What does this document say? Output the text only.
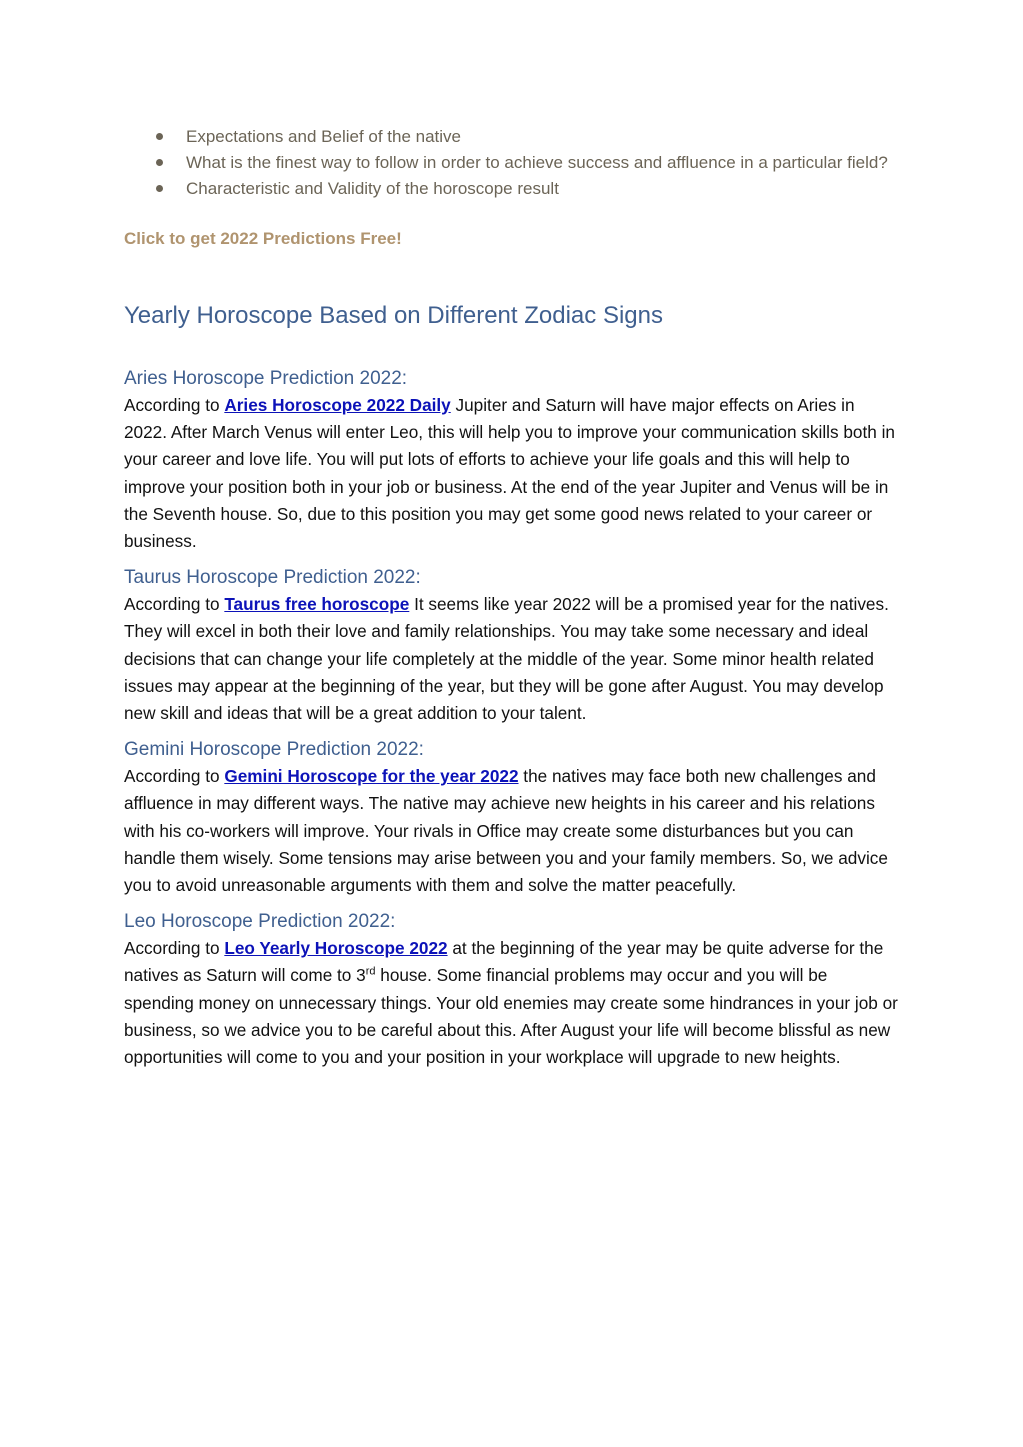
Expectations and Belief of the native
What is the finest way to follow in order to achieve success and affluence in a particular field?
Characteristic and Validity of the horoscope result
Click to get 2022 Predictions Free!
Yearly Horoscope Based on Different Zodiac Signs
Aries Horoscope Prediction 2022:

According to Aries Horoscope 2022 Daily Jupiter and Saturn will have major effects on Aries in 2022. After March Venus will enter Leo, this will help you to improve your communication skills both in your career and love life. You will put lots of efforts to achieve your life goals and this will help to improve your position both in your job or business. At the end of the year Jupiter and Venus will be in the Seventh house. So, due to this position you may get some good news related to your career or business.

Taurus Horoscope Prediction 2022:

According to Taurus free horoscope It seems like year 2022 will be a promised year for the natives. They will excel in both their love and family relationships. You may take some necessary and ideal decisions that can change your life completely at the middle of the year. Some minor health related issues may appear at the beginning of the year, but they will be gone after August. You may develop new skill and ideas that will be a great addition to your talent.

Gemini Horoscope Prediction 2022:

According to Gemini Horoscope for the year 2022 the natives may face both new challenges and affluence in may different ways. The native may achieve new heights in his career and his relations with his co-workers will improve. Your rivals in Office may create some disturbances but you can handle them wisely. Some tensions may arise between you and your family members. So, we advice you to avoid unreasonable arguments with them and solve the matter peacefully.

Leo Horoscope Prediction 2022:

According to Leo Yearly Horoscope 2022 at the beginning of the year may be quite adverse for the natives as Saturn will come to 3rd house. Some financial problems may occur and you will be spending money on unnecessary things. Your old enemies may create some hindrances in your job or business, so we advice you to be careful about this. After August your life will become blissful as new opportunities will come to you and your position in your workplace will upgrade to new heights.
